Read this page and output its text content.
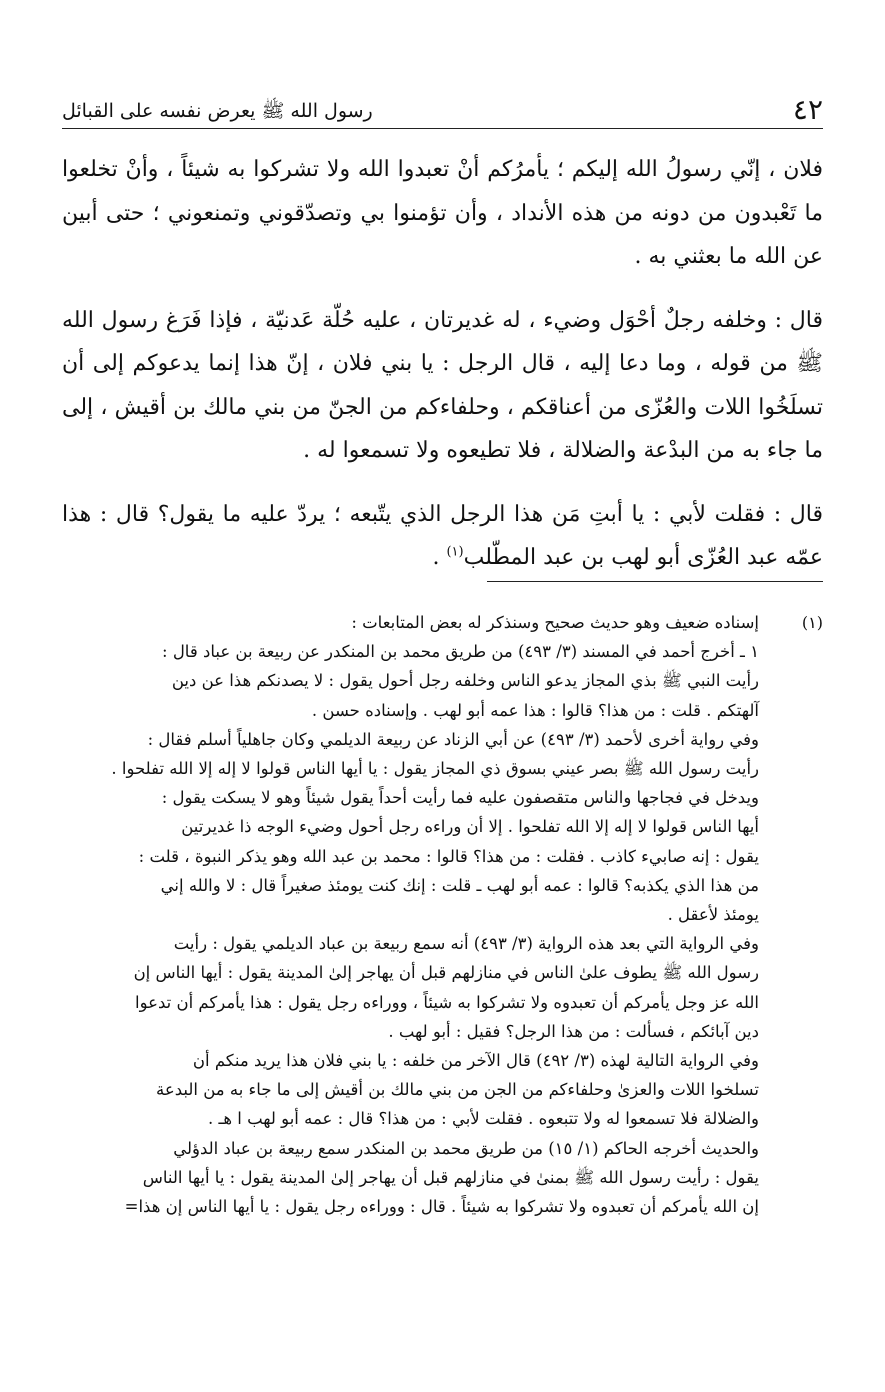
٤٢
رسول الله ﷺ يعرض نفسه على القبائل

فلان ، إنّي رسولُ الله إليكم ؛ يأمرُكم أنْ تعبدوا الله ولا تشركوا به شيئاً ، وأنْ تخلعوا ما تَعْبدون من دونه من هذه الأنداد ، وأن تؤمنوا بي وتصدّقوني وتمنعوني ؛ حتى أبين عن الله ما بعثني به .

قال : وخلفه رجلٌ أحْوَل وضيء ، له غديرتان ، عليه حُلّة عَدنيّة ، فإذا فَرَغ رسول الله ﷺ من قوله ، وما دعا إليه ، قال الرجل : يا بني فلان ، إنّ هذا إنما يدعوكم إلى أن تسلَخُوا اللات والعُزّى من أعناقكم ، وحلفاءكم من الجنّ من بني مالك بن أقيش ، إلى ما جاء به من البدْعة والضلالة ، فلا تطيعوه ولا تسمعوا له .

قال : فقلت لأبي : يا أبتِ مَن هذا الرجل الذي يتّبعه ؛ يردّ عليه ما يقول؟ قال : هذا عمّه عبد العُزّى أبو لهب بن عبد المطّلب$^{(١)}$ .

(١)

إسناده ضعيف وهو حديث صحيح وسنذكر له بعض المتابعات :

١ ـ أخرج أحمد في المسند (٣/ ٤٩٣) من طريق محمد بن المنكدر عن ربيعة بن عباد قال :

رأيت النبي ﷺ بذي المجاز يدعو الناس وخلفه رجل أحول يقول : لا يصدنكم هذا عن دين

آلهتكم . قلت : من هذا؟ قالوا : هذا عمه أبو لهب . وإسناده حسن .

وفي رواية أخرى لأحمد (٣/ ٤٩٣) عن أبي الزناد عن ربيعة الديلمي وكان جاهلياً أسلم فقال :

رأيت رسول الله ﷺ بصر عيني بسوق ذي المجاز يقول : يا أيها الناس قولوا لا إله إلا الله تفلحوا .

ويدخل في فجاجها والناس متقصفون عليه فما رأيت أحداً يقول شيئاً وهو لا يسكت يقول :

أيها الناس قولوا لا إله إلا الله تفلحوا . إلا أن وراءه رجل أحول وضيء الوجه ذا غديرتين

يقول : إنه صابيء كاذب . فقلت : من هذا؟ قالوا : محمد بن عبد الله وهو يذكر النبوة ، قلت :

من هذا الذي يكذبه؟ قالوا : عمه أبو لهب ـ قلت : إنك كنت يومئذ صغيراً قال : لا والله إني

يومئذ لأعقل .

وفي الرواية التي بعد هذه الرواية (٣/ ٤٩٣) أنه سمع ربيعة بن عباد الديلمي يقول : رأيت

رسول الله ﷺ يطوف علىٰ الناس في منازلهم قبل أن يهاجر إلىٰ المدينة يقول : أيها الناس إن

الله عز وجل يأمركم أن تعبدوه ولا تشركوا به شيئاً ، ووراءه رجل يقول : هذا يأمركم أن تدعوا

دين آبائكم ، فسألت : من هذا الرجل؟ فقيل : أبو لهب .

وفي الرواية التالية لهذه (٣/ ٤٩٢) قال الآخر من خلفه : يا بني فلان هذا يريد منكم أن

تسلخوا اللات والعزىٰ وحلفاءكم من الجن من بني مالك بن أقيش إلى ما جاء به من البدعة

والضلالة فلا تسمعوا له ولا تتبعوه . فقلت لأبي : من هذا؟ قال : عمه أبو لهب ا هـ .

والحديث أخرجه الحاكم (١/ ١٥) من طريق محمد بن المنكدر سمع ربيعة بن عباد الدؤلي

يقول : رأيت رسول الله ﷺ بمنىٰ في منازلهم قبل أن يهاجر إلىٰ المدينة يقول : يا أيها الناس

إن الله يأمركم أن تعبدوه ولا تشركوا به شيئاً . قال : ووراءه رجل يقول : يا أيها الناس إن هذا=
